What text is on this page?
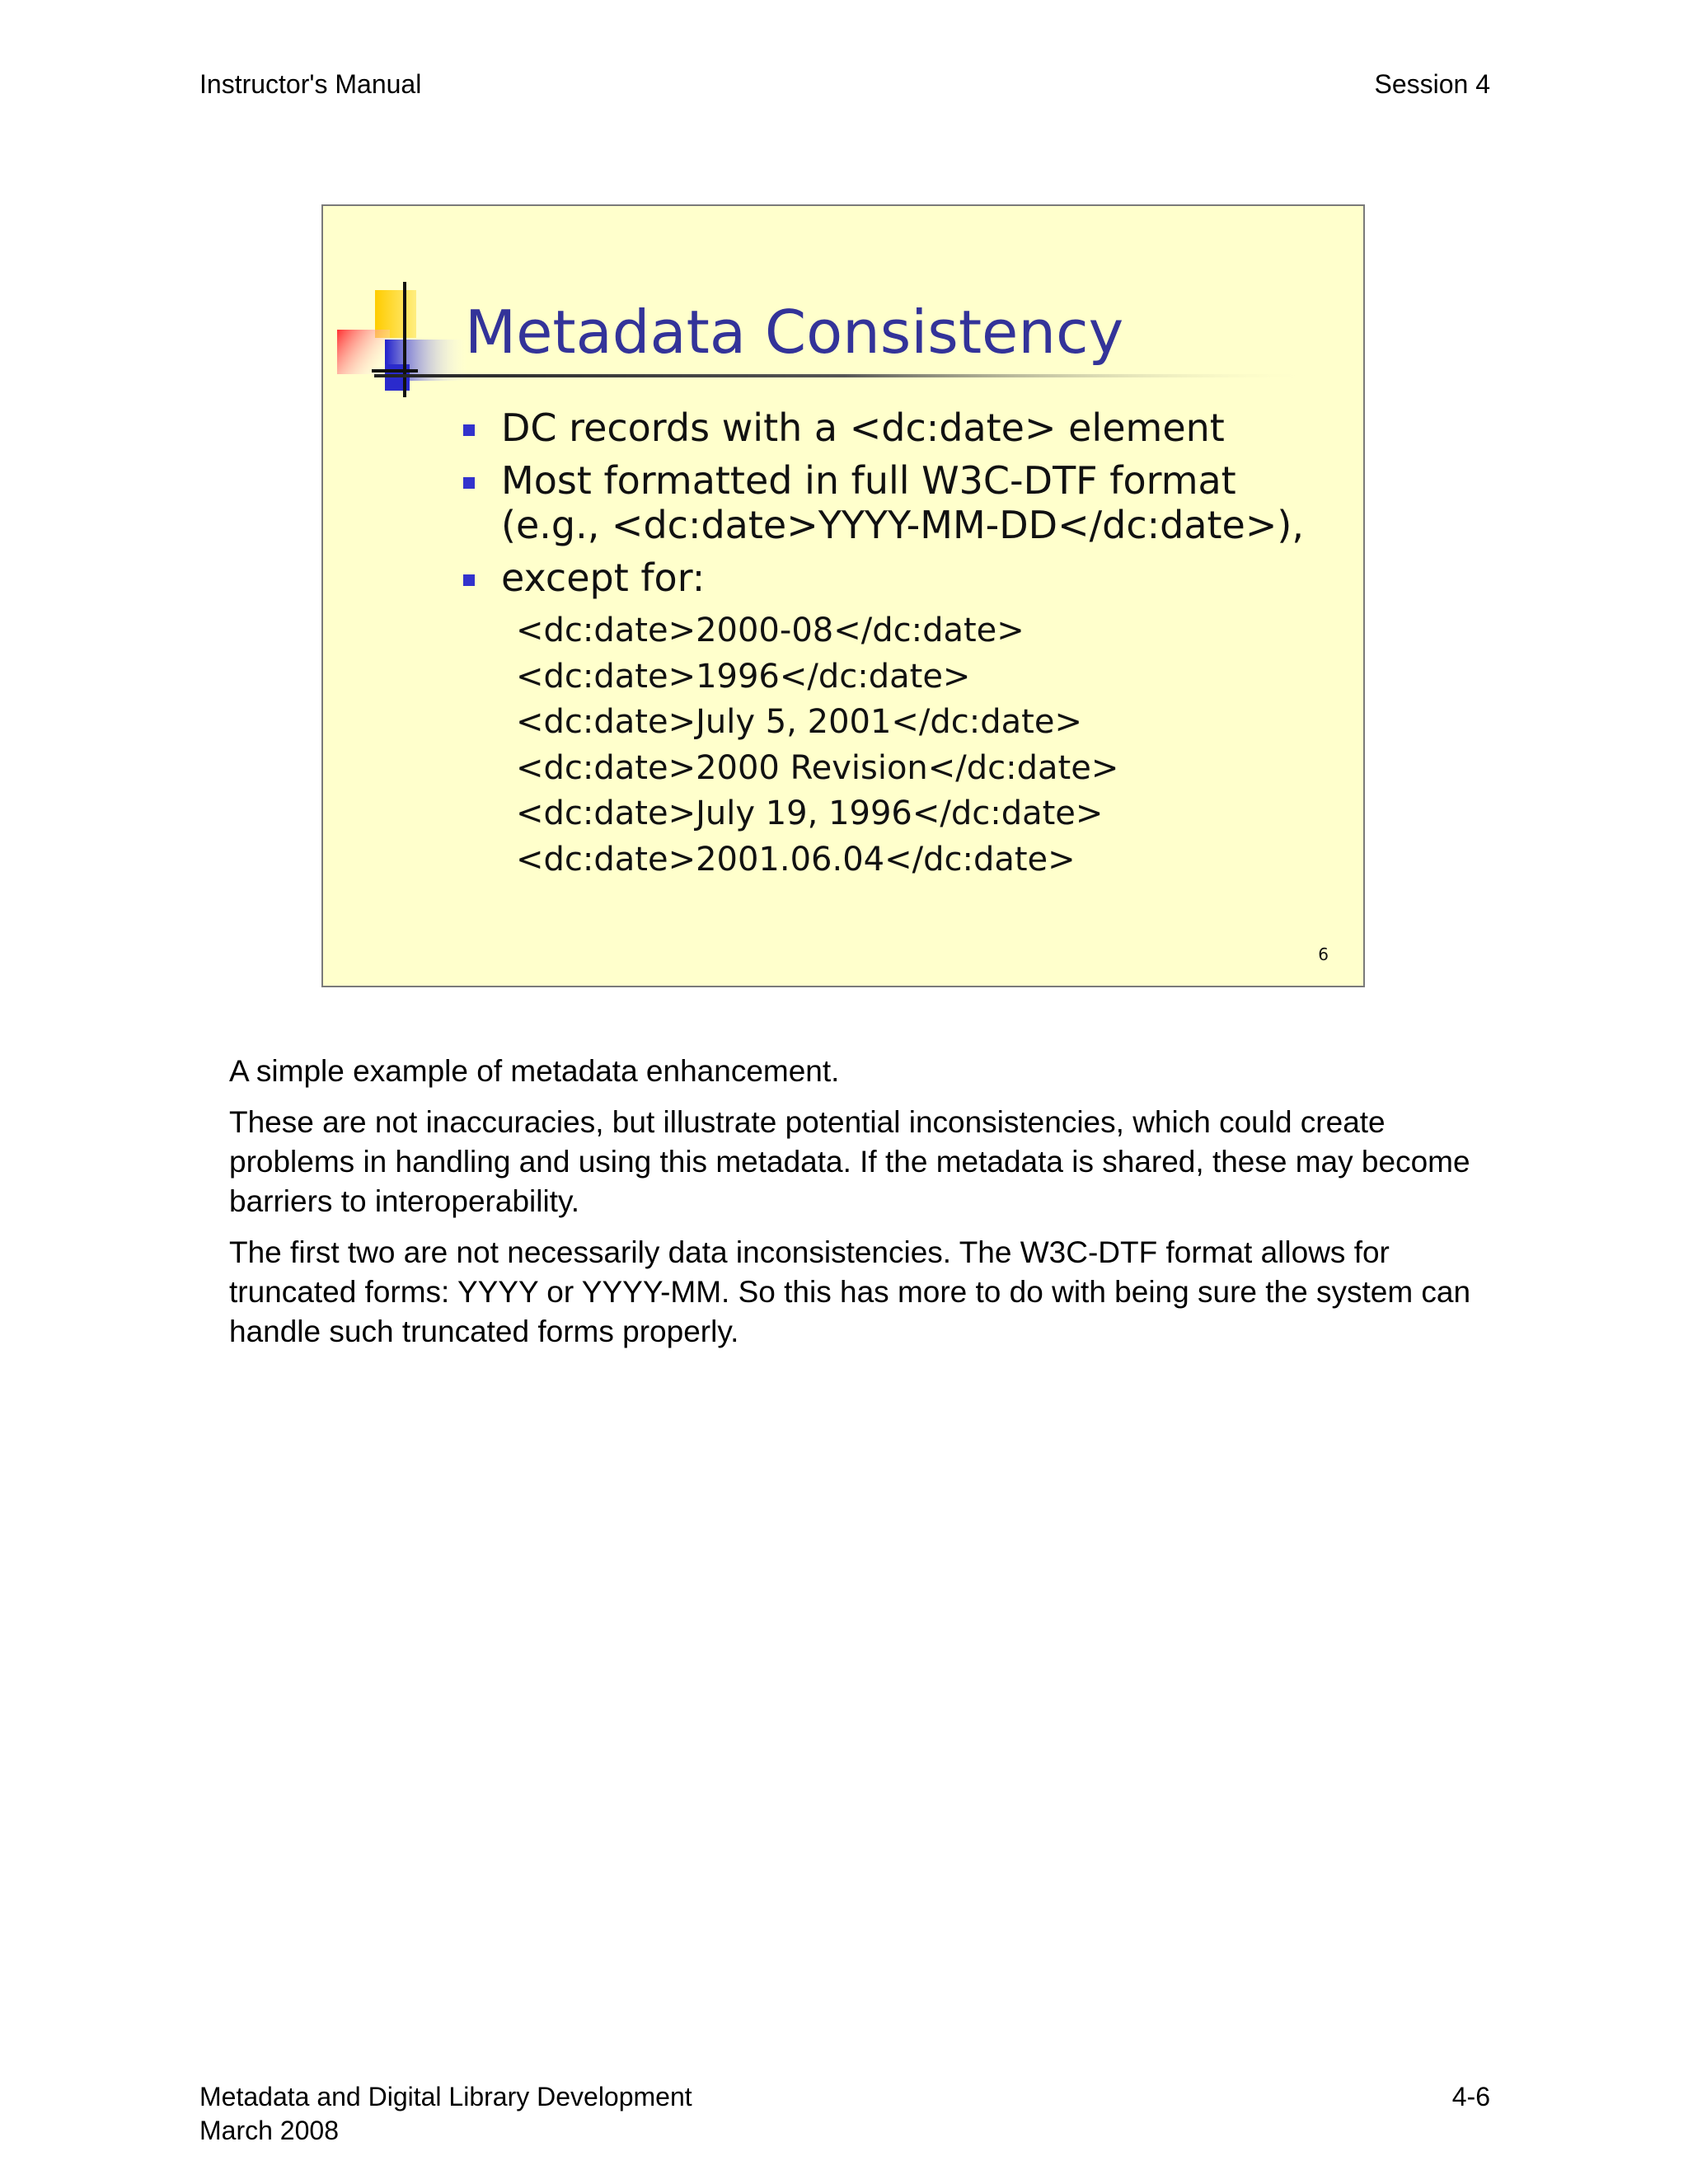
Instructor's Manual	Session 4
Metadata Consistency
DC records with a <dc:date> element
Most formatted in full W3C-DTF format (e.g., <dc:date>YYYY-MM-DD</dc:date>),
except for:
<dc:date>2000-08</dc:date>
<dc:date>1996</dc:date>
<dc:date>July 5, 2001</dc:date>
<dc:date>2000 Revision</dc:date>
<dc:date>July 19, 1996</dc:date>
<dc:date>2001.06.04</dc:date>
6

A simple example of metadata enhancement.

These are not inaccuracies, but illustrate potential inconsistencies, which could create problems in handling and using this metadata. If the metadata is shared, these may become barriers to interoperability.

The first two are not necessarily data inconsistencies. The W3C-DTF format allows for truncated forms: YYYY or YYYY-MM. So this has more to do with being sure the system can handle such truncated forms properly.

Metadata and Digital Library Development
March 2008
4-6
